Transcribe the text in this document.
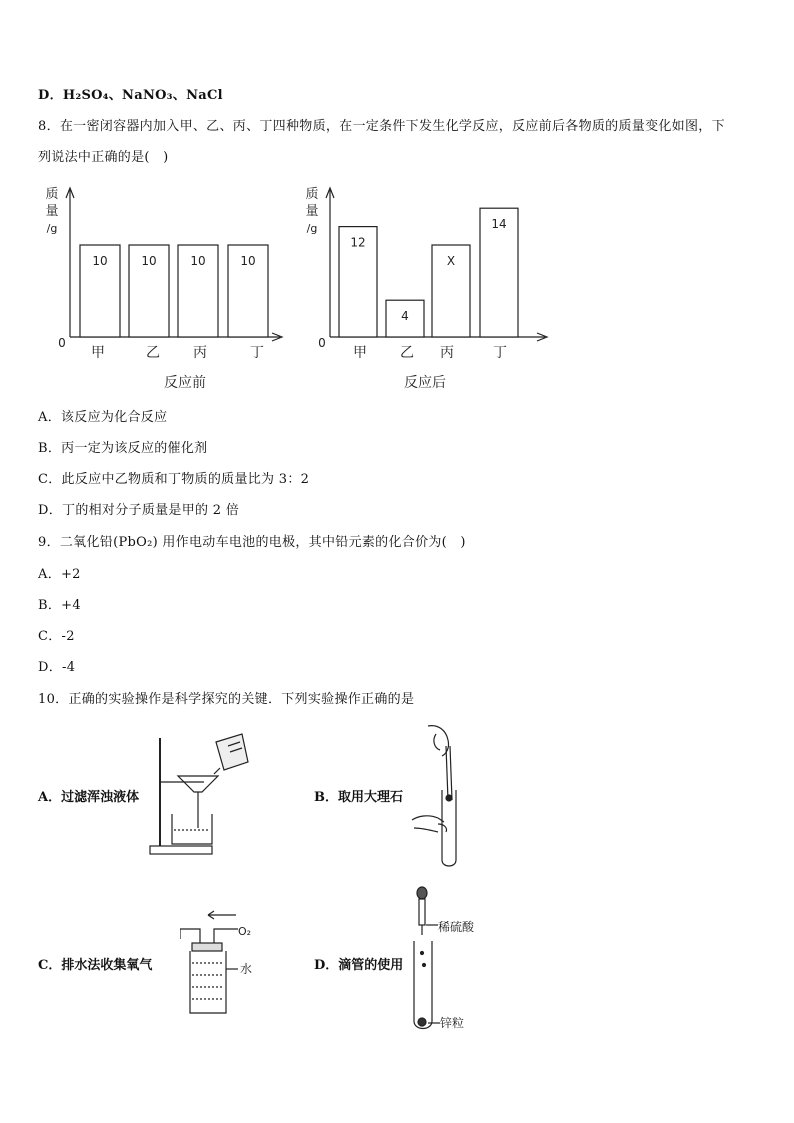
D．H₂SO₄、NaNO₃、NaCl
8．在一密闭容器内加入甲、乙、丙、丁四种物质，在一定条件下发生化学反应，反应前后各物质的质量变化如图，下
列说法中正确的是(　)
质
量
/g
0
10
甲
10
乙
10
丙
10
丁
反应前
质
量
/g
0
12
甲
4
乙
X
丙
14
丁
反应后
A．该反应为化合反应
B．丙一定为该反应的催化剂
C．此反应中乙物质和丁物质的质量比为 3：2
D．丁的相对分子质量是甲的 2 倍
9．二氧化铅(PbO₂) 用作电动车电池的电极，其中铅元素的化合价为(　)
A．+2
B．+4
C．-2
D．-4
10．正确的实验操作是科学探究的关键．下列实验操作正确的是
A．过滤浑浊液体	B．取用大理石
C．排水法收集氧气	D．滴管的使用
O₂
水
稀硫酸
锌粒
